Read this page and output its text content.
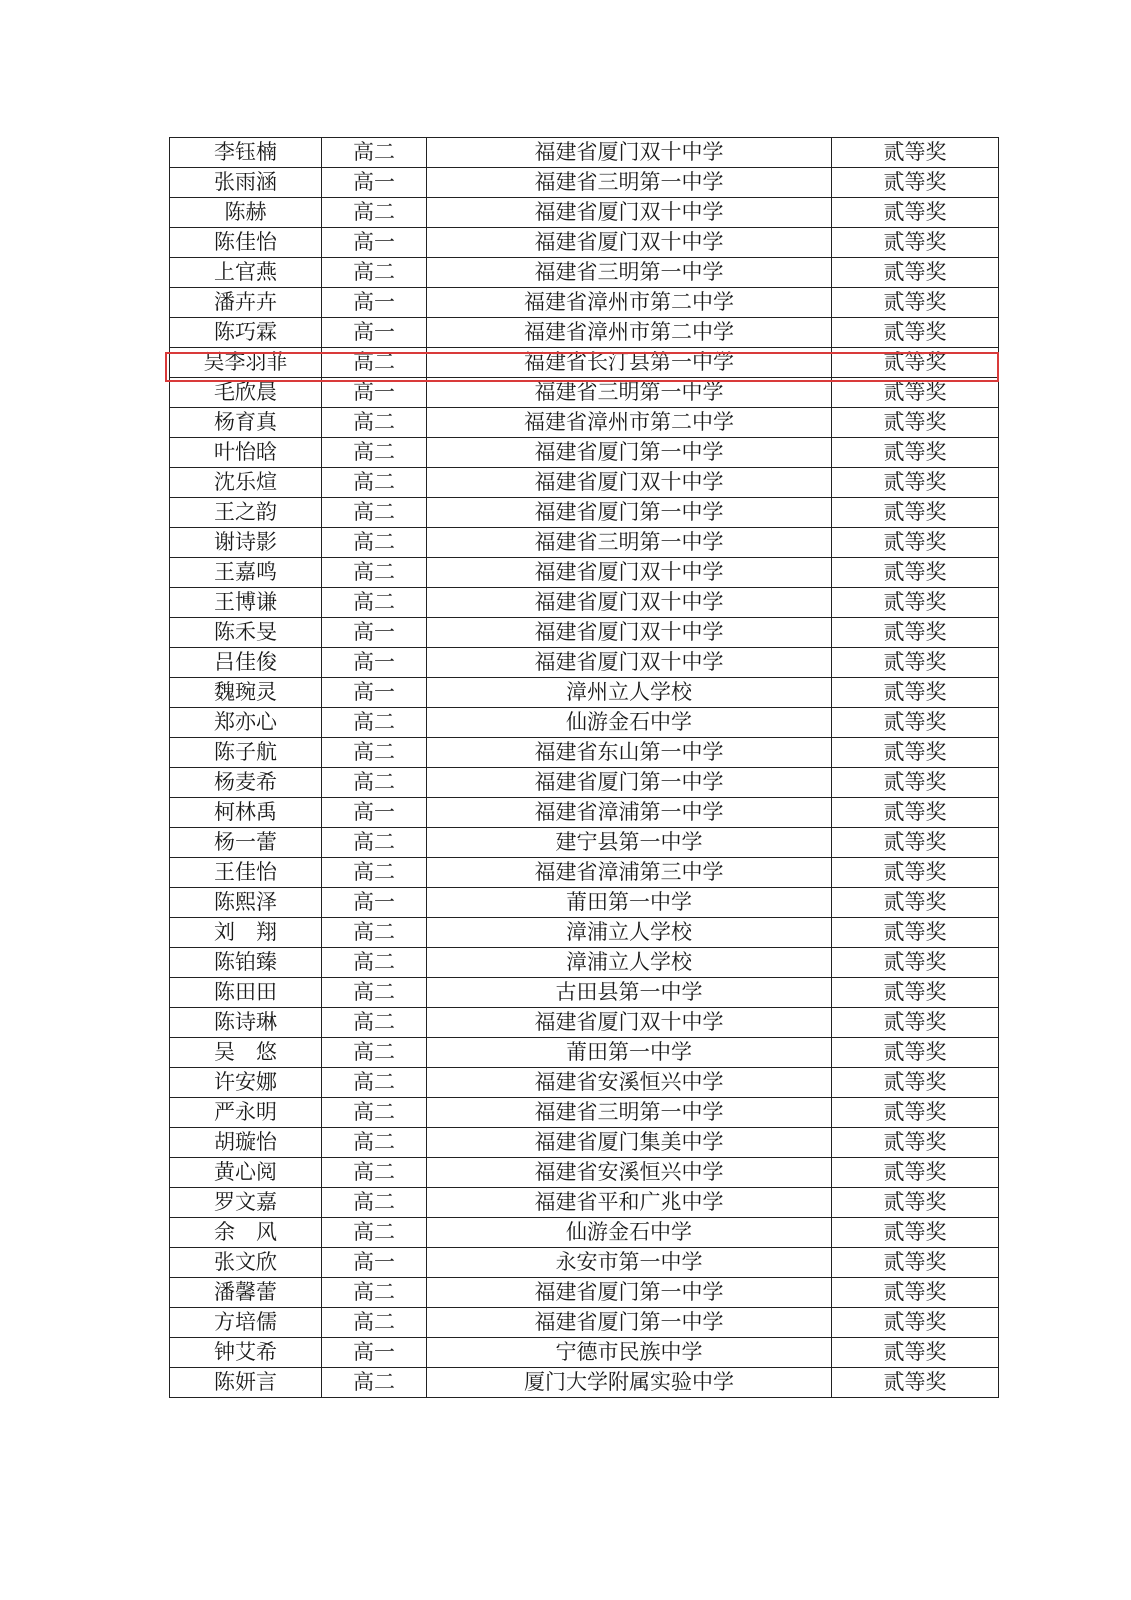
李钰楠	高二	福建省厦门双十中学	贰等奖
张雨涵	高一	福建省三明第一中学	贰等奖
陈赫	高二	福建省厦门双十中学	贰等奖
陈佳怡	高一	福建省厦门双十中学	贰等奖
上官燕	高二	福建省三明第一中学	贰等奖
潘卉卉	高一	福建省漳州市第二中学	贰等奖
陈巧霖	高一	福建省漳州市第二中学	贰等奖
吴李羽菲	高二	福建省长汀县第一中学	贰等奖
毛欣晨	高一	福建省三明第一中学	贰等奖
杨育真	高二	福建省漳州市第二中学	贰等奖
叶怡晗	高二	福建省厦门第一中学	贰等奖
沈乐煊	高二	福建省厦门双十中学	贰等奖
王之韵	高二	福建省厦门第一中学	贰等奖
谢诗影	高二	福建省三明第一中学	贰等奖
王嘉鸣	高二	福建省厦门双十中学	贰等奖
王博谦	高二	福建省厦门双十中学	贰等奖
陈禾旻	高一	福建省厦门双十中学	贰等奖
吕佳俊	高一	福建省厦门双十中学	贰等奖
魏琬灵	高一	漳州立人学校	贰等奖
郑亦心	高二	仙游金石中学	贰等奖
陈子航	高二	福建省东山第一中学	贰等奖
杨麦希	高二	福建省厦门第一中学	贰等奖
柯林禹	高一	福建省漳浦第一中学	贰等奖
杨一蕾	高二	建宁县第一中学	贰等奖
王佳怡	高二	福建省漳浦第三中学	贰等奖
陈熙泽	高一	莆田第一中学	贰等奖
刘　翔	高二	漳浦立人学校	贰等奖
陈铂臻	高二	漳浦立人学校	贰等奖
陈田田	高二	古田县第一中学	贰等奖
陈诗琳	高二	福建省厦门双十中学	贰等奖
吴　悠	高二	莆田第一中学	贰等奖
许安娜	高二	福建省安溪恒兴中学	贰等奖
严永明	高二	福建省三明第一中学	贰等奖
胡璇怡	高二	福建省厦门集美中学	贰等奖
黄心阅	高二	福建省安溪恒兴中学	贰等奖
罗文嘉	高二	福建省平和广兆中学	贰等奖
余　风	高二	仙游金石中学	贰等奖
张文欣	高一	永安市第一中学	贰等奖
潘馨蕾	高二	福建省厦门第一中学	贰等奖
方培儒	高二	福建省厦门第一中学	贰等奖
钟艾希	高一	宁德市民族中学	贰等奖
陈妍言	高二	厦门大学附属实验中学	贰等奖
